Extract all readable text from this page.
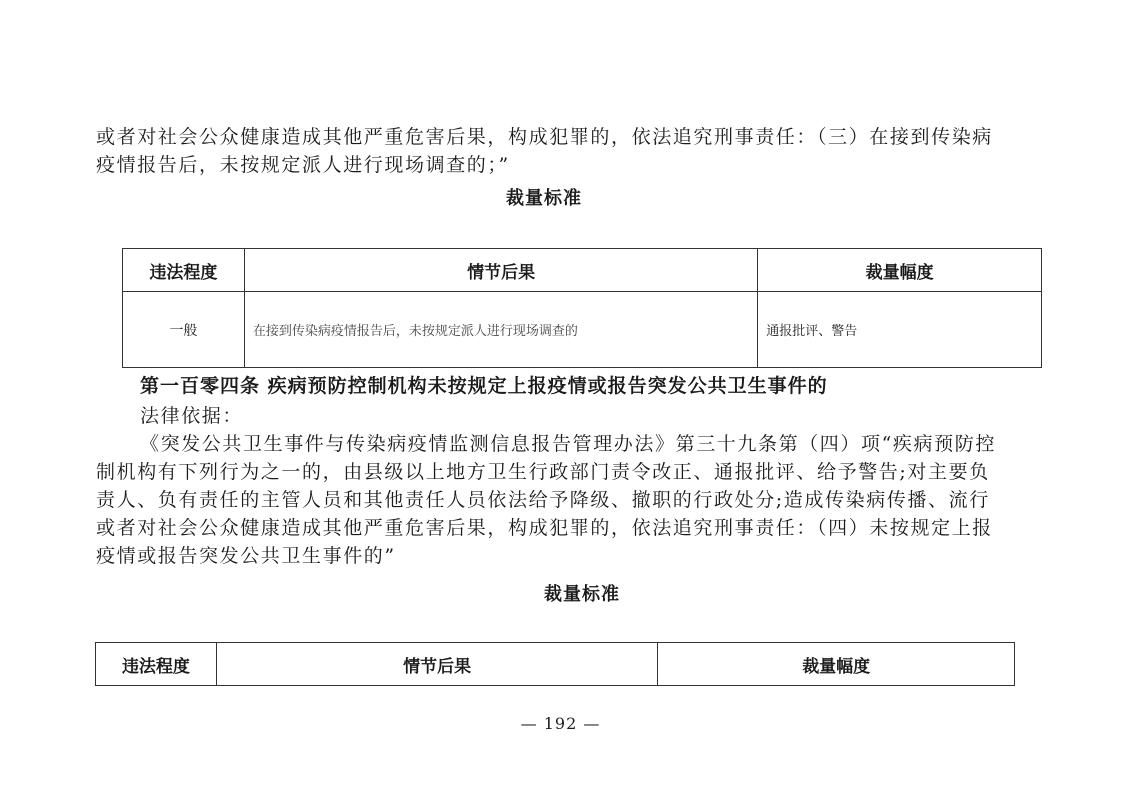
或者对社会公众健康造成其他严重危害后果，构成犯罪的，依法追究刑事责任：（三）在接到传染病
疫情报告后，未按规定派人进行现场调查的；”
裁量标准
违法程度	情节后果	裁量幅度
一般	在接到传染病疫情报告后，未按规定派人进行现场调查的	通报批评、警告
第一百零四条 疾病预防控制机构未按规定上报疫情或报告突发公共卫生事件的
法律依据：
《突发公共卫生事件与传染病疫情监测信息报告管理办法》第三十九条第（四）项“疾病预防控
制机构有下列行为之一的，由县级以上地方卫生行政部门责令改正、通报批评、给予警告;对主要负
责人、负有责任的主管人员和其他责任人员依法给予降级、撤职的行政处分;造成传染病传播、流行
或者对社会公众健康造成其他严重危害后果，构成犯罪的，依法追究刑事责任：（四）未按规定上报
疫情或报告突发公共卫生事件的”
裁量标准
违法程度	情节后果	裁量幅度
— 192 —
